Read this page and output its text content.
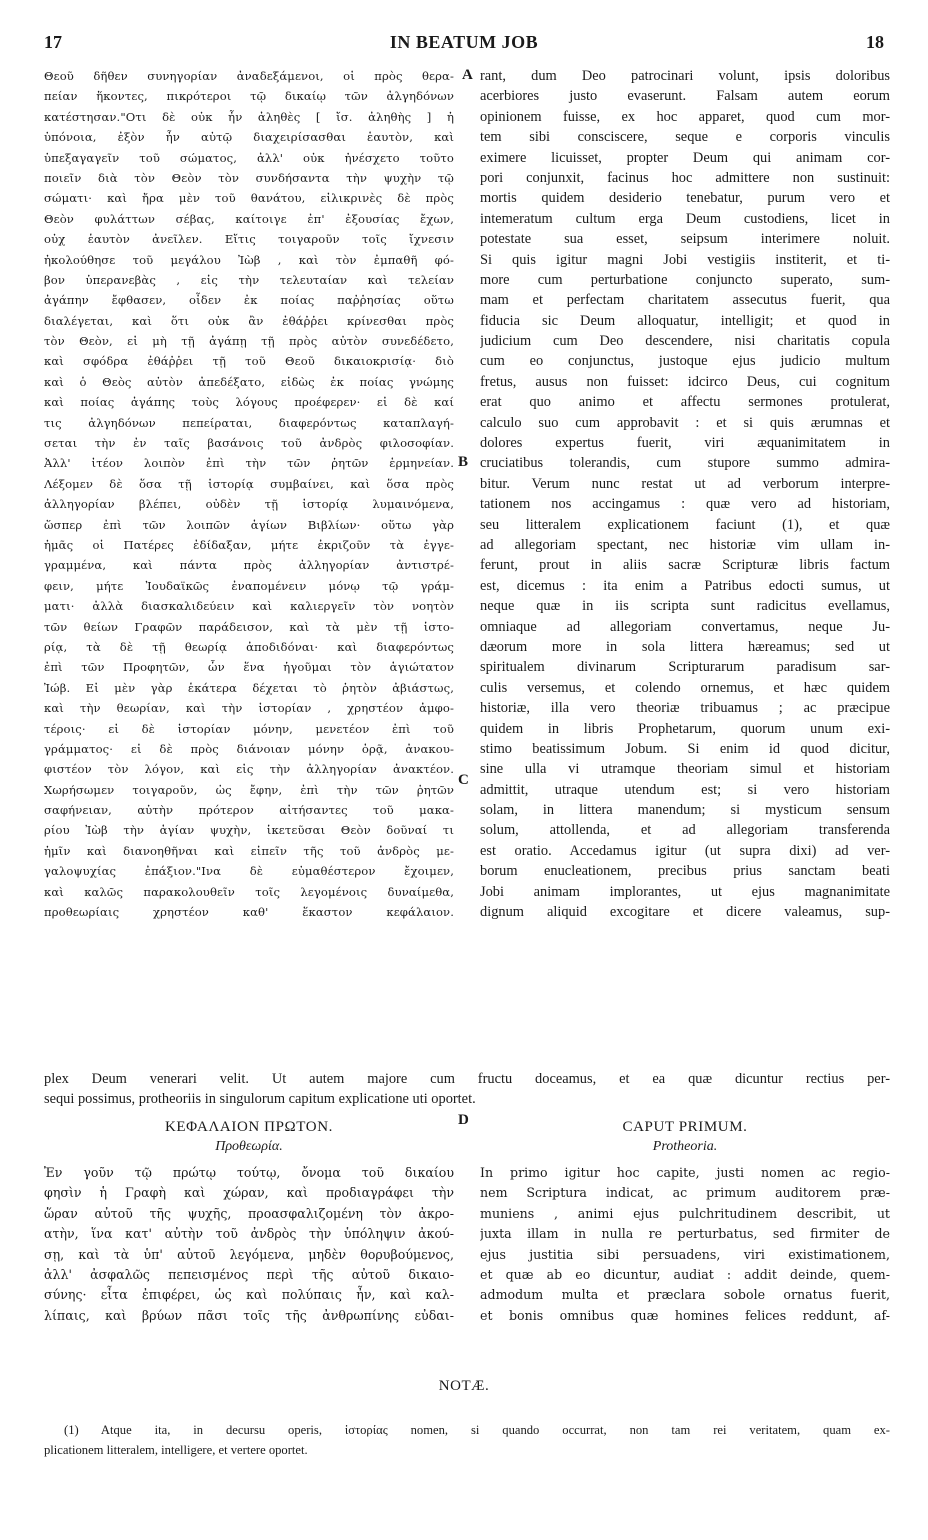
17	IN BEATUM JOB	18
Θεοῦ δῆθεν συνηγορίαν ἀναδεξάμενοι, οἱ πρὸς θερα-
πείαν ἥκοντες, πικρότεροι τῷ δικαίῳ τῶν ἀλγηδόνων
κατέστησαν."Οτι δὲ οὐκ ἦν ἀληθὲς [ ἴσ. ἀληθὴς ] ἡ
ὑπόνοια, ἐξὸν ἦν αὐτῷ διαχειρίσασθαι ἑαυτὸν, καὶ
ὑπεξαγαγεῖν τοῦ σώματος, ἀλλ' οὐκ ἠνέσχετο τοῦτο
ποιεῖν διὰ τὸν Θεὸν τὸν συνδήσαντα τὴν ψυχὴν τῷ
σώματι· καὶ ἤρα μὲν τοῦ θανάτου, εἰλικρινὲς δὲ πρὸς
Θεὸν φυλάττων σέβας, καίτοιγε ἐπ' ἐξουσίας ἔχων,
οὐχ ἑαυτὸν ἀνεῖλεν. Εἴτις τοιγαροῦν τοῖς ἴχνεσιν
ἠκολούθησε τοῦ μεγάλου Ἰὼβ , καὶ τὸν ἐμπαθῆ φό-
βον ὑπερανεβὰς , εἰς τὴν τελευταίαν καὶ τελείαν
ἀγάπην ἔφθασεν, οἶδεν ἐκ ποίας παῤῥησίας οὕτω
διαλέγεται, καὶ ὅτι οὐκ ἂν ἐθάῤῥει κρίνεσθαι πρὸς
τὸν Θεὸν, εἰ μὴ τῇ ἀγάπῃ τῇ πρὸς αὐτὸν συνεδέδετο,
καὶ σφόδρα ἐθάῤῥει τῇ τοῦ Θεοῦ δικαιοκρισίᾳ· διὸ
καὶ ὁ Θεὸς αὐτὸν ἀπεδέξατο, εἰδὼς ἐκ ποίας γνώμης
καὶ ποίας ἀγάπης τοὺς λόγους προέφερεν· εἰ δὲ καί
τις ἀλγηδόνων πεπείραται, διαφερόντως καταπλαγή-
σεται τὴν ἐν ταῖς βασάνοις τοῦ ἀνδρὸς φιλοσοφίαν.
Ἀλλ' ἰτέον λοιπὸν ἐπὶ τὴν τῶν ῥητῶν ἑρμηνείαν.
Λέξομεν δὲ ὅσα τῇ ἱστορίᾳ συμβαίνει, καὶ ὅσα πρὸς
ἀλληγορίαν βλέπει, οὐδὲν τῇ ἱστορίᾳ λυμαινόμενα,
ὥσπερ ἐπὶ τῶν λοιπῶν ἁγίων Βιβλίων· οὕτω γὰρ
ἡμᾶς οἱ Πατέρες ἐδίδαξαν, μήτε ἐκριζοῦν τὰ ἐγγε-
γραμμένα, καὶ πάντα πρὸς ἀλληγορίαν ἀντιστρέ-
φειν, μήτε Ἰουδαϊκῶς ἐναπομένειν μόνῳ τῷ γράμ-
ματι· ἀλλὰ διασκαλιδεύειν καὶ καλιεργεῖν τὸν νοητὸν
τῶν θείων Γραφῶν παράδεισον, καὶ τὰ μὲν τῇ ἱστο-
ρίᾳ, τὰ δὲ τῇ θεωρίᾳ ἀποδιδόναι· καὶ διαφερόντως
ἐπὶ τῶν Προφητῶν, ὧν ἕνα ἡγοῦμαι τὸν ἁγιώτατον
Ἰώβ. Εἰ μὲν γὰρ ἑκάτερα δέχεται τὸ ῥητὸν ἀβιάστως,
καὶ τὴν θεωρίαν, καὶ τὴν ἱστορίαν , χρηστέον ἀμφο-
τέροις· εἰ δὲ ἱστορίαν μόνην, μενετέον ἐπὶ τοῦ
γράμματος· εἰ δὲ πρὸς διάνοιαν μόνην ὁρᾷ, ἀνακου-
φιστέον τὸν λόγον, καὶ εἰς τὴν ἀλληγορίαν ἀνακτέον.
Χωρήσωμεν τοιγαροῦν, ὡς ἔφην, ἐπὶ τὴν τῶν ῥητῶν
σαφήνειαν, αὐτὴν πρότερον αἰτήσαντες τοῦ μακα-
ρίου Ἰὼβ τὴν ἁγίαν ψυχὴν, ἱκετεῦσαι Θεὸν δοῦναί τι
ἡμῖν καὶ διανοηθῆναι καὶ εἰπεῖν τῆς τοῦ ἀνδρὸς με-
γαλοψυχίας ἐπάξιον."Ινα δὲ εὐμαθέστερον ἔχοιμεν,
καὶ καλῶς παρακολουθεῖν τοῖς λεγομένοις δυναίμεθα,
προθεωρίαις χρηστέον καθ' ἕκαστον κεφάλαιον.
rant, dum Deo patrocinari volunt, ipsis doloribus
acerbiores justo evaserunt. Falsam autem eorum
opinionem fuisse, ex hoc apparet, quod cum mor-
tem sibi consciscere, seque e corporis vinculis
eximere licuisset, propter Deum qui animam cor-
pori conjunxit, facinus hoc admittere non sustinuit:
mortis quidem desiderio tenebatur, purum vero et
intemeratum cultum erga Deum custodiens, licet in
potestate sua esset, seipsum interimere noluit.
Si quis igitur magni Jobi vestigiis institerit, et ti-
more cum perturbatione conjuncto superato, sum-
mam et perfectam charitatem assecutus fuerit, qua
fiducia sic Deum alloquatur, intelligit; et quod in
judicium cum Deo descendere, nisi charitatis copula
cum eo conjunctus, justoque ejus judicio multum
fretus, ausus non fuisset: idcirco Deus, cui cognitum
erat quo animo et affectu sermones protulerat,
calculo suo cum approbavit : et si quis ærumnas et
dolores expertus fuerit, viri æquanimitatem in
cruciatibus tolerandis, cum stupore summo admira-
bitur. Verum nunc restat ut ad verborum interpre-
tationem nos accingamus : quæ vero ad historiam,
seu litteralem explicationem faciunt (1), et quæ
ad allegoriam spectant, nec historiæ vim ullam in-
ferunt, prout in aliis sacræ Scripturæ libris factum
est, dicemus : ita enim a Patribus edocti sumus, ut
neque quæ in iis scripta sunt radicitus evellamus,
omniaque ad allegoriam convertamus, neque Ju-
dæorum more in sola littera hæreamus; sed ut
spiritualem divinarum Scripturarum paradisum sar-
culis versemus, et colendo ornemus, et hæc quidem
historiæ, illa vero theoriæ tribuamus ; ac præcipue
quidem in libris Prophetarum, quorum unum exi-
stimo beatissimum Jobum. Si enim id quod dicitur,
sine ulla vi utramque theoriam simul et historiam
admittit, utraque utendum est; si vero historiam
solam, in littera manendum; si mysticum sensum
solum, attollenda, et ad allegoriam transferenda
est oratio. Accedamus igitur (ut supra dixi) ad ver-
borum enucleationem, precibus prius sanctam beati
Jobi animam implorantes, ut ejus magnanimitate
dignum aliquid excogitare et dicere valeamus, sup-
A
B
C
D
plex Deum venerari velit. Ut autem majore cum fructu doceamus, et ea quæ dicuntur rectius per-
sequi possimus, protheoriis in singulorum capitum explicatione uti oportet.
ΚΕΦΑΛΑΙΟΝ ΠΡΩΤΟΝ.
Προθεωρία.
CAPUT PRIMUM.
Protheoria.
Ἐν γοῦν τῷ πρώτῳ τούτῳ, ὄνομα τοῦ δικαίου
φησὶν ἡ Γραφὴ καὶ χώραν, καὶ προδιαγράφει τὴν
ὥραν αὐτοῦ τῆς ψυχῆς, προασφαλιζομένη τὸν ἀκρο-
ατὴν, ἵνα κατ' αὐτὴν τοῦ ἀνδρὸς τὴν ὑπόληψιν ἀκού-
σῃ, καὶ τὰ ὑπ' αὐτοῦ λεγόμενα, μηδὲν θορυβούμενος,
ἀλλ' ἀσφαλῶς πεπεισμένος περὶ τῆς αὐτοῦ δικαιο-
σύνης· εἶτα ἐπιφέρει, ὡς καὶ πολύπαις ἦν, καὶ καλ-
λίπαις, καὶ βρύων πᾶσι τοῖς τῆς ἀνθρωπίνης εὐδαι-
In primo igitur hoc capite, justi nomen ac regio-
nem Scriptura indicat, ac primum auditorem præ-
muniens , animi ejus pulchritudinem describit, ut
juxta illam in nulla re perturbatus, sed firmiter de
ejus justitia sibi persuadens, viri existimationem,
et quæ ab eo dicuntur, audiat : addit deinde, quem-
admodum multa et præclara sobole ornatus fuerit,
et bonis omnibus quæ homines felices reddunt, af-
NOTÆ.
(1) Atque ita, in decursu operis, ἱστορίας nomen, si quando occurrat, non tam rei veritatem, quam ex-
plicationem litteralem, intelligere, et vertere oportet.
